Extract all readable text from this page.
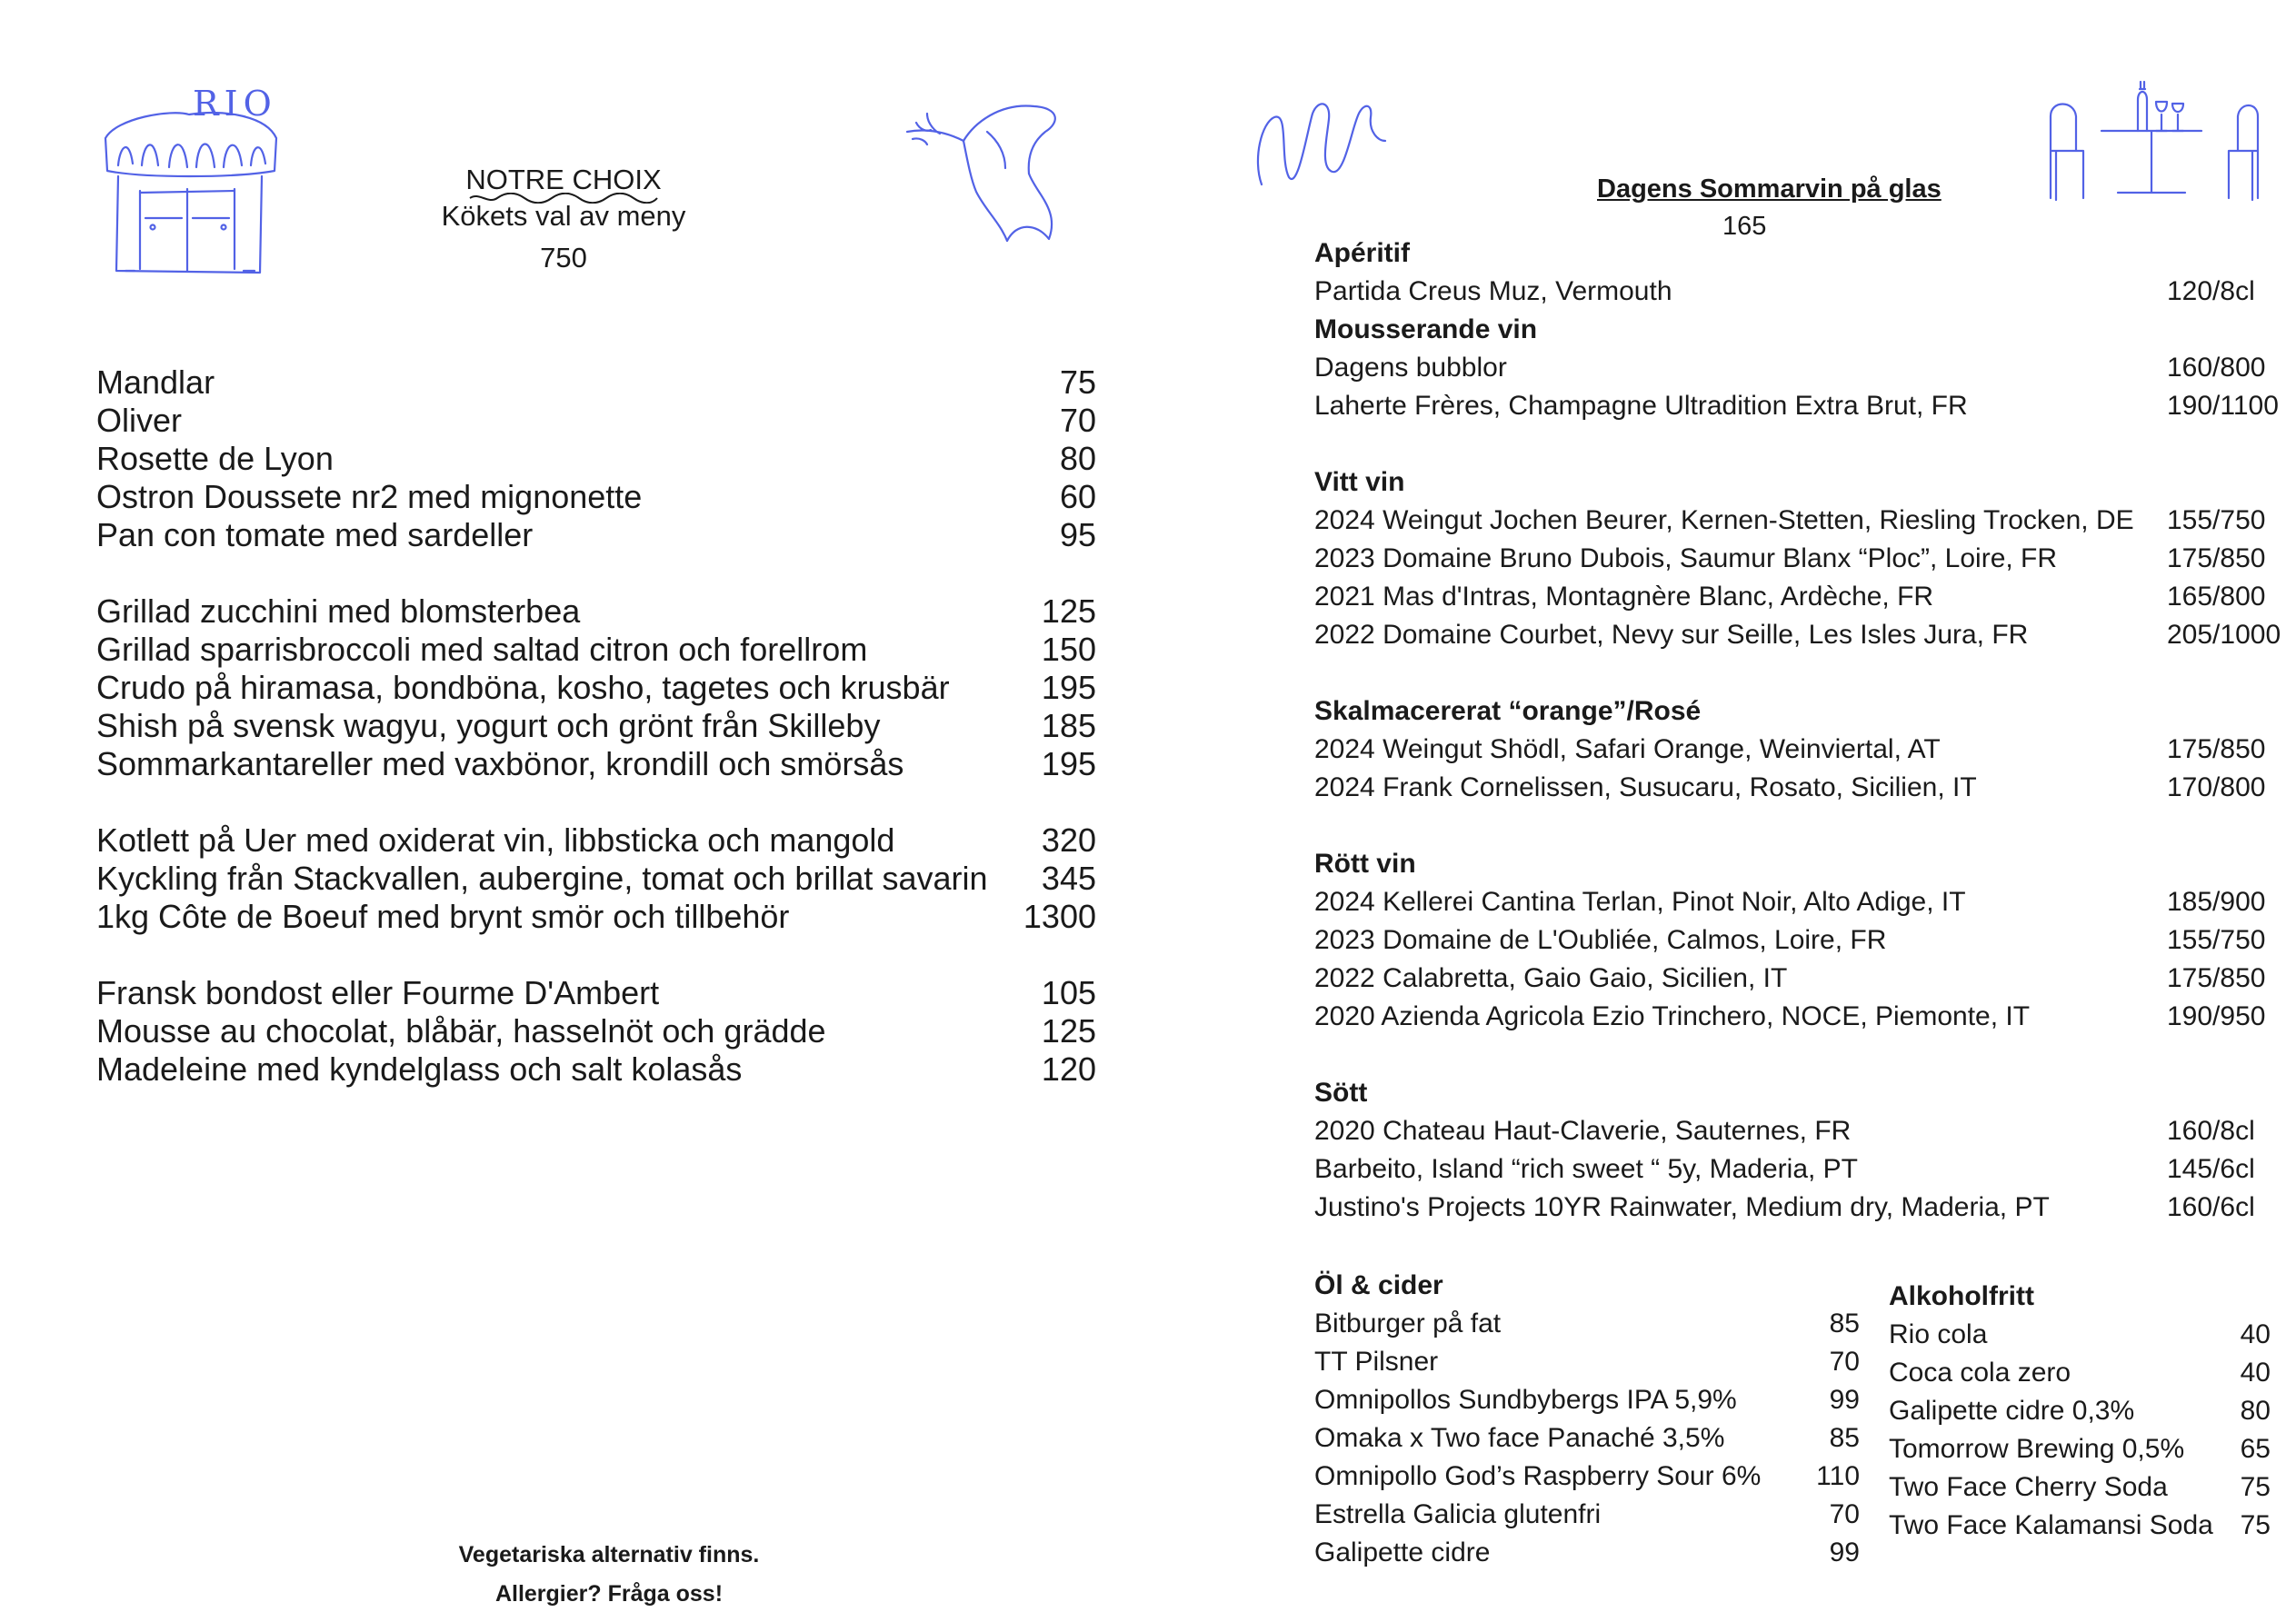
RIO
NOTRE CHOIX
Kökets val av meny
750
Mandlar	75
Oliver	70
Rosette de Lyon	80
Ostron Doussete nr2 med mignonette	60
Pan con tomate med sardeller	95
Grillad zucchini med blomsterbea	125
Grillad sparrisbroccoli med saltad citron och forellrom	150
Crudo på hiramasa, bondböna, kosho, tagetes och krusbär	195
Shish på svensk wagyu, yogurt och grönt från Skilleby	185
Sommarkantareller med vaxbönor, krondill och smörsås	195
Kotlett på Uer med oxiderat vin, libbsticka och mangold	320
Kyckling från Stackvallen, aubergine, tomat och brillat savarin	345
1kg Côte de Boeuf med brynt smör och tillbehör	1300
Fransk bondost eller Fourme D'Ambert	105
Mousse au chocolat, blåbär, hasselnöt och grädde	125
Madeleine med kyndelglass och salt kolasås	120
Vegetariska alternativ finns.
Allergier? Fråga oss!
Dagens Sommarvin på glas
165
Apéritif
Partida Creus Muz, Vermouth	120/8cl
Mousserande vin
Dagens bubblor	160/800
Laherte Frères, Champagne Ultradition Extra Brut, FR	190/1100
Vitt vin
2024 Weingut Jochen Beurer, Kernen-Stetten, Riesling Trocken, DE 155/750
2023 Domaine Bruno Dubois, Saumur Blanx “Ploc”, Loire, FR	175/850
2021 Mas d'Intras, Montagnère Blanc, Ardèche, FR	165/800
2022 Domaine Courbet, Nevy sur Seille, Les Isles Jura, FR	205/1000
Skalmacererat “orange”/Rosé
2024 Weingut Shödl, Safari Orange, Weinviertal, AT	175/850
2024 Frank Cornelissen, Susucaru, Rosato, Sicilien, IT	170/800
Rött vin
2024 Kellerei Cantina Terlan, Pinot Noir, Alto Adige, IT	185/900
2023 Domaine de L'Oubliée, Calmos, Loire, FR	155/750
2022 Calabretta, Gaio Gaio, Sicilien, IT	175/850
2020 Azienda Agricola Ezio Trinchero, NOCE, Piemonte, IT	190/950
Sött
2020 Chateau Haut-Claverie, Sauternes, FR	160/8cl
Barbeito, Island “rich sweet “ 5y, Maderia, PT	145/6cl
Justino's Projects 10YR Rainwater, Medium dry, Maderia, PT	160/6cl
Öl & cider
Bitburger på fat	85
TT Pilsner	70
Omnipollos Sundbybergs IPA 5,9%	99
Omaka x Two face Panaché 3,5%	85
Omnipollo God’s Raspberry Sour 6%	110
Estrella Galicia glutenfri	70
Galipette cidre	99
Alkoholfritt
Rio cola	40
Coca cola zero	40
Galipette cidre 0,3%	80
Tomorrow Brewing 0,5%	65
Two Face Cherry Soda	75
Two Face Kalamansi Soda 75
